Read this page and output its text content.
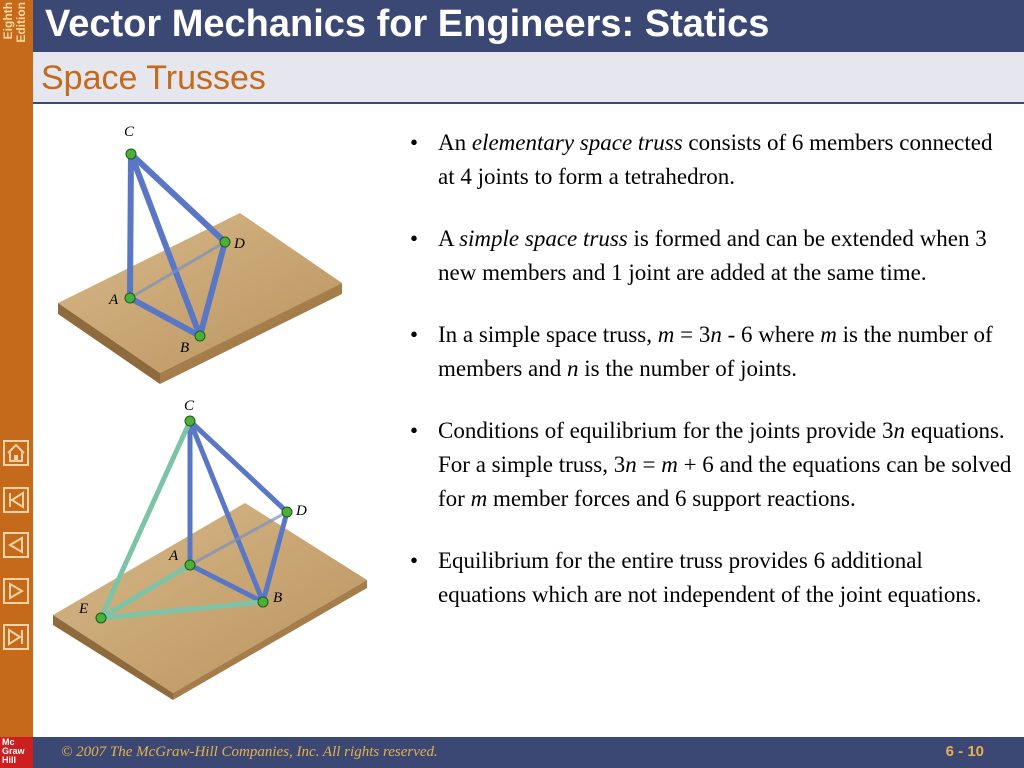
Eighth Edition Vector Mechanics for Engineers: Statics
Space Trusses
C
D
A
B
C
D
A
E
B
• An elementary space truss consists of 6 members connected at 4 joints to form a tetrahedron.
• A simple space truss is formed and can be extended when 3 new members and 1 joint are added at the same time.
• In a simple space truss, m = 3n - 6 where m is the number of members and n is the number of joints.
• Conditions of equilibrium for the joints provide 3n equations. For a simple truss, 3n = m + 6 and the equations can be solved for m member forces and 6 support reactions.
• Equilibrium for the entire truss provides 6 additional equations which are not independent of the joint equations.
Mc
Graw
Hill	© 2007 The McGraw-Hill Companies, Inc. All rights reserved.	6 - 10
